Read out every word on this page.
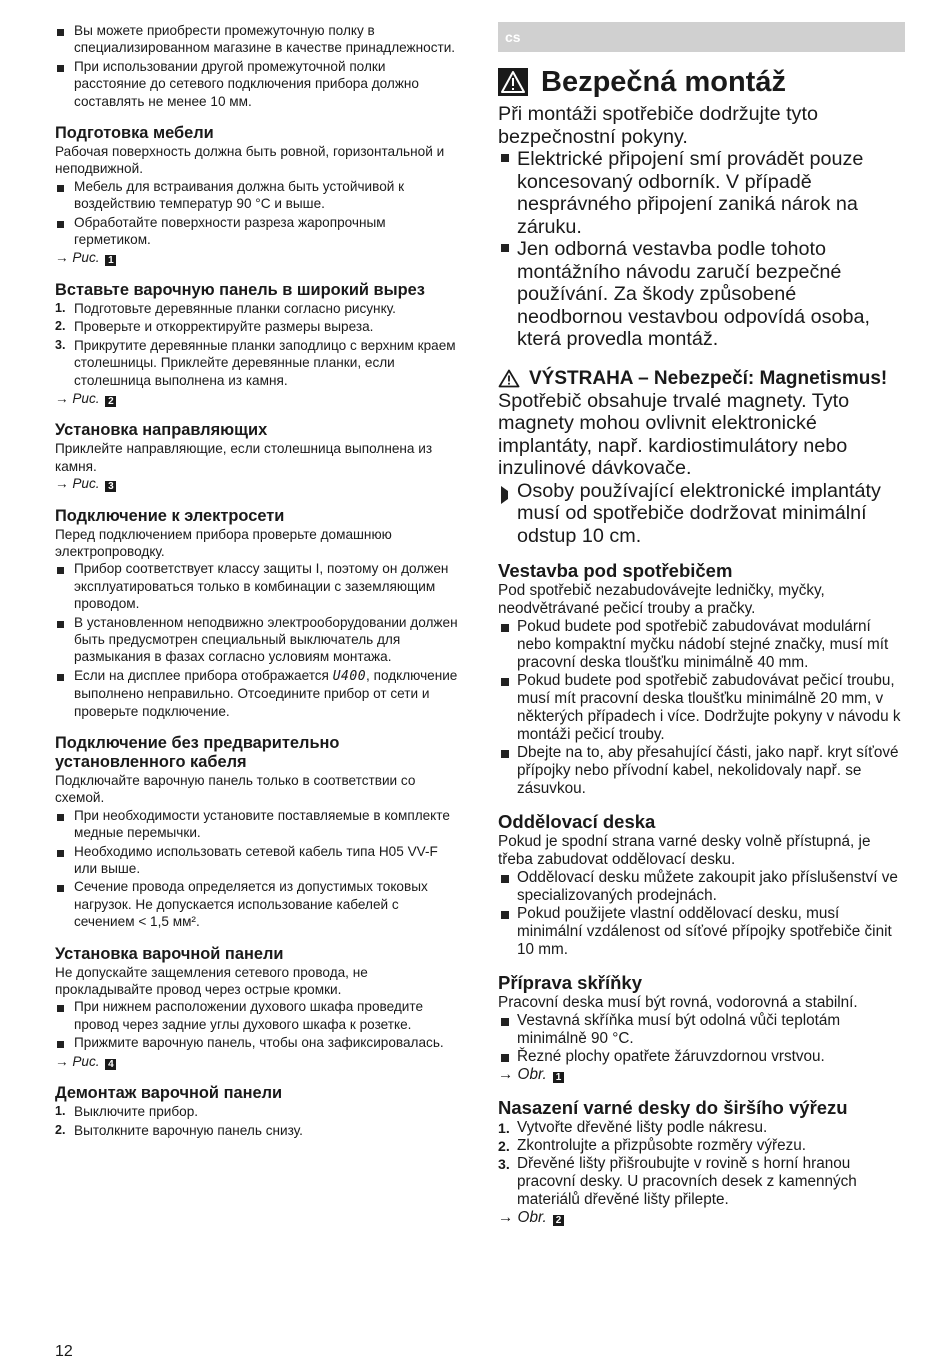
Вы можете приобрести промежуточную полку в специализированном магазине в качестве принадлежности.
При использовании другой промежуточной полки расстояние до сетевого подключения прибора должно составлять не менее 10 мм.
Подготовка мебели

Рабочая поверхность должна быть ровной, горизонтальной и неподвижной.

Мебель для встраивания должна быть устойчивой к воздействию температур 90 °C и выше.
Обработайте поверхности разреза жаропрочным герметиком.

→ Рис. 1

Вставьте варочную панель в широкий вырез
1. Подготовьте деревянные планки согласно рисунку.
2. Проверьте и откорректируйте размеры выреза.
3. Прикрутите деревянные планки заподлицо с верхним краем столешницы. Приклейте деревянные планки, если столешница выполнена из камня.

→ Рис. 2

Установка направляющих

Приклейте направляющие, если столешница выполнена из камня.

→ Рис. 3

Подключение к электросети

Перед подключением прибора проверьте домашнюю электропроводку.

Прибор соответствует классу защиты I, поэтому он должен эксплуатироваться только в комбинации с заземляющим проводом.
В установленном неподвижно электрооборудовании должен быть предусмотрен специальный выключатель для размыкания в фазах согласно условиям монтажа.
Если на дисплее прибора отображается U400, подключение выполнено неправильно. Отсоедините прибор от сети и проверьте подключение.
Подключение без предварительно установленного кабеля

Подключайте варочную панель только в соответствии со схемой.

При необходимости установите поставляемые в комплекте медные перемычки.
Необходимо использовать сетевой кабель типа H05 VV-F или выше.
Сечение провода определяется из допустимых токовых нагрузок. Не допускается использование кабелей с сечением < 1,5 мм².
Установка варочной панели

Не допускайте защемления сетевого провода, не прокладывайте провод через острые кромки.

При нижнем расположении духового шкафа проведите провод через задние углы духового шкафа к розетке.
Прижмите варочную панель, чтобы она зафиксировалась.

→ Рис. 4

Демонтаж варочной панели
1. Выключите прибор.
2. Вытолкните варочную панель снизу.
cs
Bezpečná montáž

Při montáži spotřebiče dodržujte tyto bezpečnostní pokyny.

Elektrické připojení smí provádět pouze koncesovaný odborník. V případě nesprávného připojení zaniká nárok na záruku.
Jen odborná vestavba podle tohoto montážního návodu zaručí bezpečné používání. Za škody způsobené neodbornou vestavbou odpovídá osoba, která provedla montáž.
VÝSTRAHA – Nebezpečí: Magnetismus!

Spotřebič obsahuje trvalé magnety. Tyto magnety mohou ovlivnit elektronické implantáty, např. kardiostimulátory nebo inzulinové dávkovače.

Osoby používající elektronické implantáty musí od spotřebiče dodržovat minimální odstup 10 cm.
Vestavba pod spotřebičem

Pod spotřebič nezabudovávejte ledničky, myčky, neodvětrávané pečicí trouby a pračky.

Pokud budete pod spotřebič zabudovávat modulární nebo kompaktní myčku nádobí stejné značky, musí mít pracovní deska tloušťku minimálně 40 mm.
Pokud budete pod spotřebič zabudovávat pečicí troubu, musí mít pracovní deska tloušťku minimálně 20 mm, v některých případech i více. Dodržujte pokyny v návodu k montáži pečicí trouby.
Dbejte na to, aby přesahující části, jako např. kryt síťové přípojky nebo přívodní kabel, nekolidovaly např. se zásuvkou.
Oddělovací deska

Pokud je spodní strana varné desky volně přístupná, je třeba zabudovat oddělovací desku.

Oddělovací desku můžete zakoupit jako příslušenství ve specializovaných prodejnách.
Pokud použijete vlastní oddělovací desku, musí minimální vzdálenost od síťové přípojky spotřebiče činit 10 mm.
Příprava skříňky

Pracovní deska musí být rovná, vodorovná a stabilní.

Vestavná skříňka musí být odolná vůči teplotám minimálně 90 °C.
Řezné plochy opatřete žáruvzdornou vrstvou.

→ Obr. 1

Nasazení varné desky do širšího výřezu
1. Vytvořte dřevěné lišty podle nákresu.
2. Zkontrolujte a přizpůsobte rozměry výřezu.
3. Dřevěné lišty přišroubujte v rovině s horní hranou pracovní desky. U pracovních desek z kamenných materiálů dřevěné lišty přilepte.

→ Obr. 2

12
